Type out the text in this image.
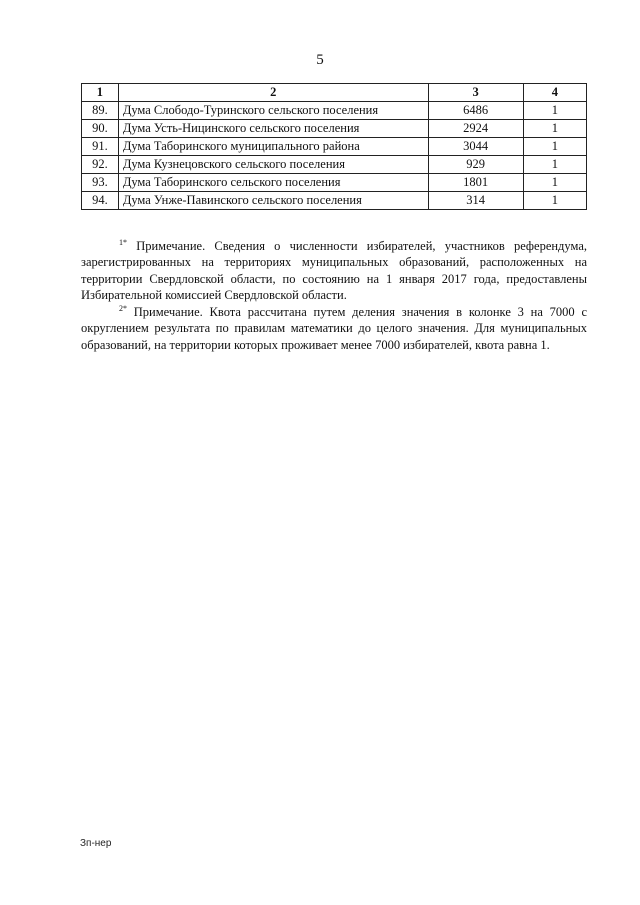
5
1	2	3	4
89.	Дума Слободо-Туринского сельского поселения	6486	1
90.	Дума Усть-Ницинского сельского поселения	2924	1
91.	Дума Таборинского муниципального района	3044	1
92.	Дума Кузнецовского сельского поселения	929	1
93.	Дума Таборинского сельского поселения	1801	1
94.	Дума Унже-Павинского сельского поселения	314	1

$^{1*}$ Примечание. Сведения о численности избирателей, участников референдума, зарегистрированных на территориях муниципальных образований, расположенных на территории Свердловской области, по состоянию на 1 января 2017 года, предоставлены Избирательной комиссией Свердловской области.

$^{2*}$ Примечание. Квота рассчитана путем деления значения в колонке 3 на 7000 с округлением результата по правилам математики до целого значения. Для муниципальных образований, на территории которых проживает менее 7000 избирателей, квота равна 1.

Зп-нер
